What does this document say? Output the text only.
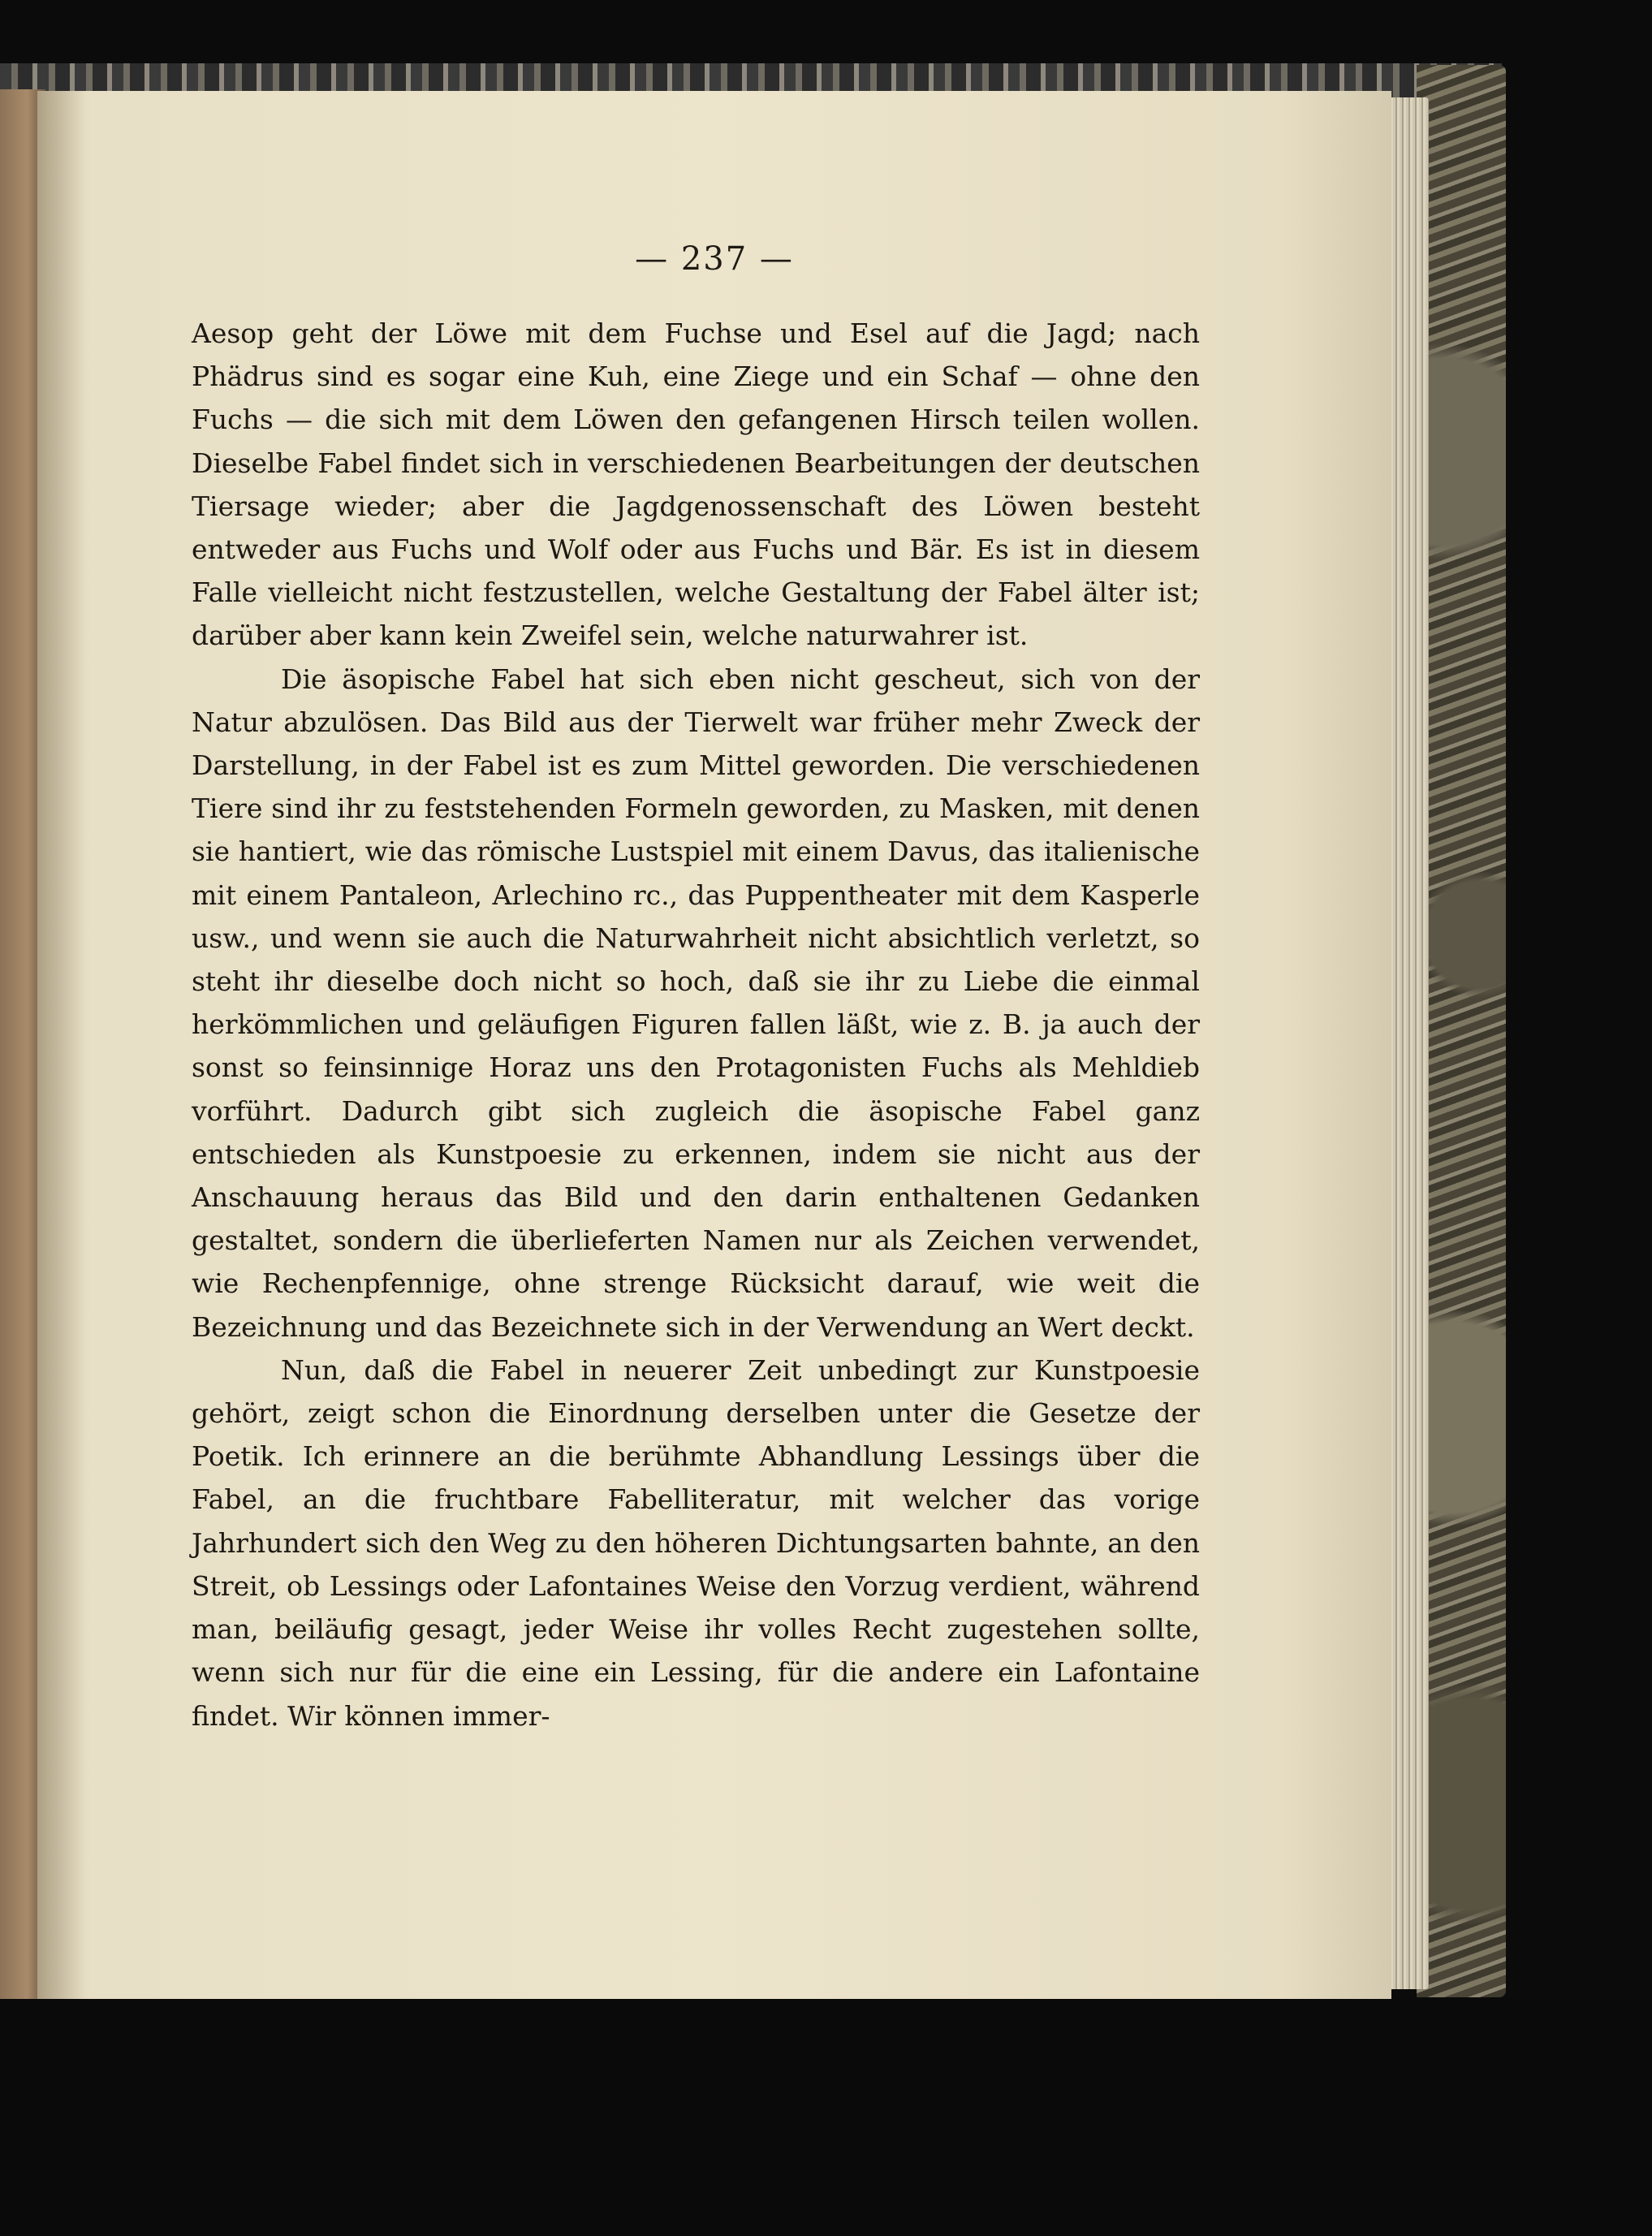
— 237 —

Aesop geht der Löwe mit dem Fuchse und Esel auf die Jagd; nach Phädrus sind es sogar eine Kuh, eine Ziege und ein Schaf — ohne den Fuchs — die sich mit dem Löwen den gefangenen Hirsch teilen wollen. Dieselbe Fabel findet sich in verschiedenen Bearbeitungen der deutschen Tiersage wieder; aber die Jagdgenossenschaft des Löwen besteht entweder aus Fuchs und Wolf oder aus Fuchs und Bär. Es ist in diesem Falle vielleicht nicht festzustellen, welche Gestaltung der Fabel älter ist; darüber aber kann kein Zweifel sein, welche naturwahrer ist.

Die äsopische Fabel hat sich eben nicht gescheut, sich von der Natur abzulösen. Das Bild aus der Tierwelt war früher mehr Zweck der Darstellung, in der Fabel ist es zum Mittel geworden. Die verschiedenen Tiere sind ihr zu feststehenden Formeln geworden, zu Masken, mit denen sie hantiert, wie das römische Lustspiel mit einem Davus, das italienische mit einem Pantaleon, Arlechino rc., das Puppentheater mit dem Kasperle usw., und wenn sie auch die Naturwahrheit nicht absichtlich verletzt, so steht ihr dieselbe doch nicht so hoch, daß sie ihr zu Liebe die einmal herkömmlichen und geläufigen Figuren fallen läßt, wie z. B. ja auch der sonst so feinsinnige Horaz uns den Protagonisten Fuchs als Mehldieb vorführt. Dadurch gibt sich zugleich die äsopische Fabel ganz entschieden als Kunstpoesie zu erkennen, indem sie nicht aus der Anschauung heraus das Bild und den darin enthaltenen Gedanken gestaltet, sondern die überlieferten Namen nur als Zeichen verwendet, wie Rechenpfennige, ohne strenge Rücksicht darauf, wie weit die Bezeichnung und das Bezeichnete sich in der Verwendung an Wert deckt.

Nun, daß die Fabel in neuerer Zeit unbedingt zur Kunstpoesie gehört, zeigt schon die Einordnung derselben unter die Gesetze der Poetik. Ich erinnere an die berühmte Abhandlung Lessings über die Fabel, an die fruchtbare Fabelliteratur, mit welcher das vorige Jahrhundert sich den Weg zu den höheren Dichtungsarten bahnte, an den Streit, ob Lessings oder Lafontaines Weise den Vorzug verdient, während man, beiläufig gesagt, jeder Weise ihr volles Recht zugestehen sollte, wenn sich nur für die eine ein Lessing, für die andere ein Lafontaine findet. Wir können immer-
